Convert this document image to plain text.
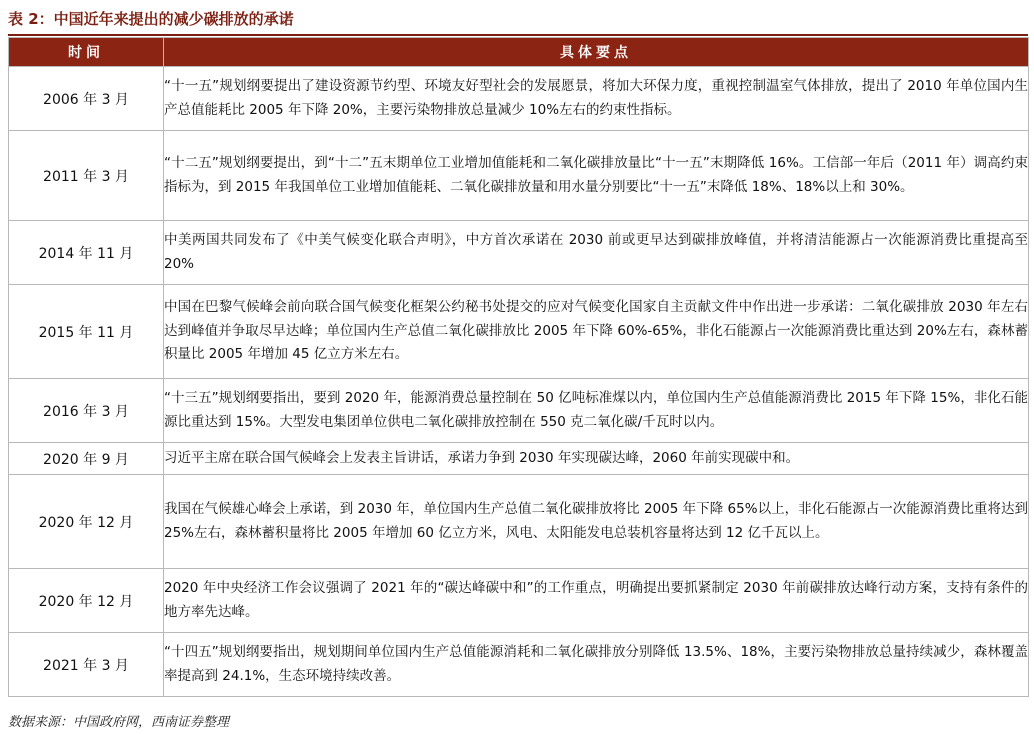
表 2：中国近年来提出的减少碳排放的承诺
时间	具体要点
2006 年 3 月	“十一五”规划纲要提出了建设资源节约型、环境友好型社会的发展愿景，将加大环保力度，重视控制温室气体排放，提出了 2010 年单位国内生产总值能耗比 2005 年下降 20%，主要污染物排放总量减少 10%左右的约束性指标。
2011 年 3 月	“十二五”规划纲要提出，到“十二”五末期单位工业增加值能耗和二氧化碳排放量比“十一五”末期降低 16%。工信部一年后（2011 年）调高约束指标为，到 2015 年我国单位工业增加值能耗、二氧化碳排放量和用水量分别要比“十一五”末降低 18%、18%以上和 30%。
2014 年 11 月	中美两国共同发布了《中美气候变化联合声明》，中方首次承诺在 2030 前或更早达到碳排放峰值，并将清洁能源占一次能源消费比重提高至 20%
2015 年 11 月	中国在巴黎气候峰会前向联合国气候变化框架公约秘书处提交的应对气候变化国家自主贡献文件中作出进一步承诺：二氧化碳排放 2030 年左右达到峰值并争取尽早达峰；单位国内生产总值二氧化碳排放比 2005 年下降 60%-65%，非化石能源占一次能源消费比重达到 20%左右，森林蓄积量比 2005 年增加 45 亿立方米左右。
2016 年 3 月	“十三五”规划纲要指出，要到 2020 年，能源消费总量控制在 50 亿吨标准煤以内，单位国内生产总值能源消费比 2015 年下降 15%，非化石能源比重达到 15%。大型发电集团单位供电二氧化碳排放控制在 550 克二氧化碳/千瓦时以内。
2020 年 9 月	习近平主席在联合国气候峰会上发表主旨讲话，承诺力争到 2030 年实现碳达峰，2060 年前实现碳中和。
2020 年 12 月	我国在气候雄心峰会上承诺，到 2030 年，单位国内生产总值二氧化碳排放将比 2005 年下降 65%以上，非化石能源占一次能源消费比重将达到 25%左右，森林蓄积量将比 2005 年增加 60 亿立方米，风电、太阳能发电总装机容量将达到 12 亿千瓦以上。
2020 年 12 月	2020 年中央经济工作会议强调了 2021 年的“碳达峰碳中和”的工作重点，明确提出要抓紧制定 2030 年前碳排放达峰行动方案，支持有条件的地方率先达峰。
2021 年 3 月	“十四五”规划纲要指出，规划期间单位国内生产总值能源消耗和二氧化碳排放分别降低 13.5%、18%，主要污染物排放总量持续减少，森林覆盖率提高到 24.1%，生态环境持续改善。
数据来源：中国政府网，西南证券整理
